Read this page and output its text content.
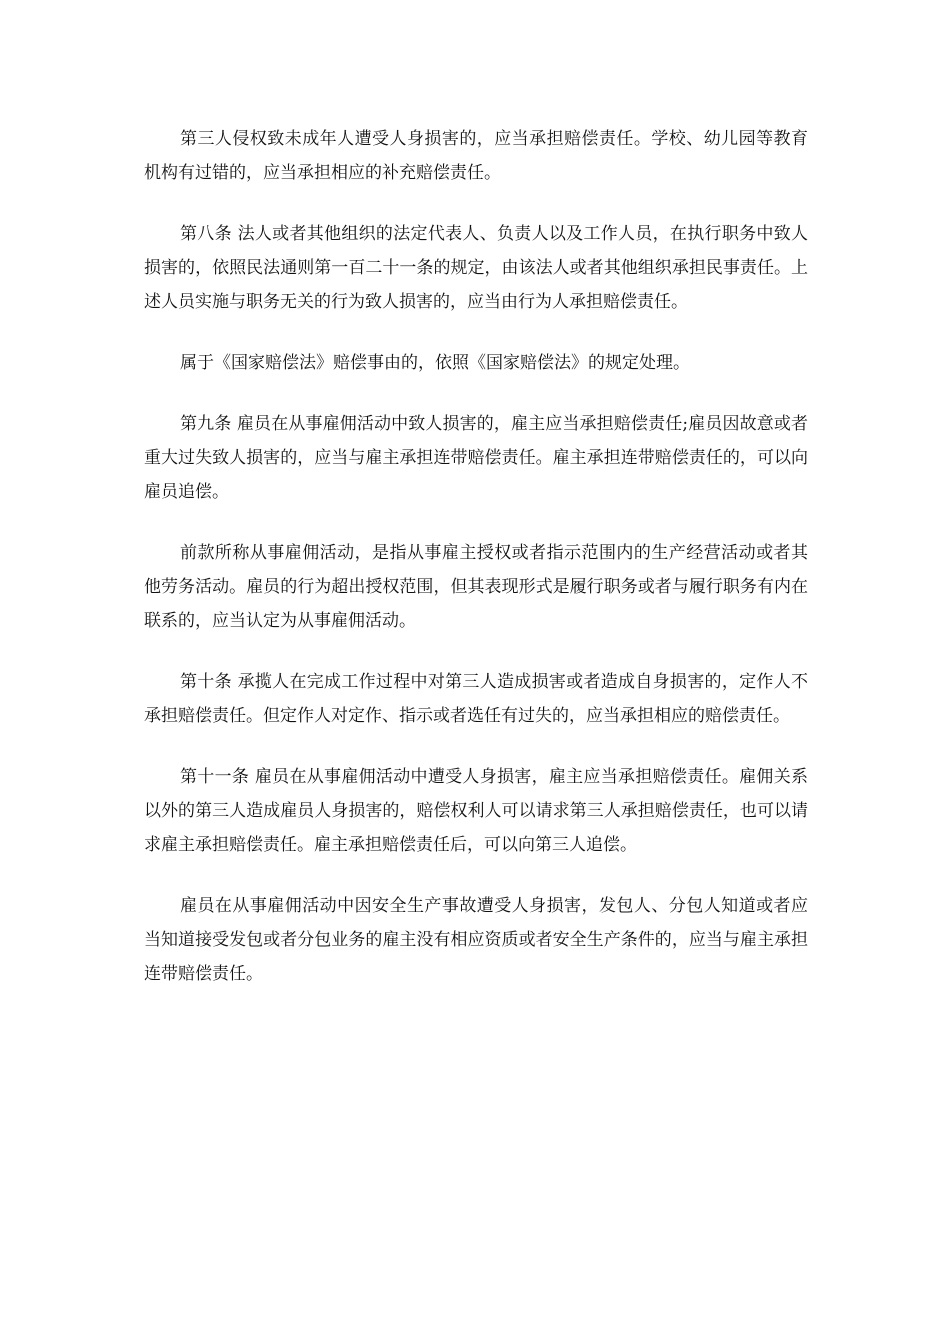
第三人侵权致未成年人遭受人身损害的，应当承担赔偿责任。学校、幼儿园等教育机构有过错的，应当承担相应的补充赔偿责任。

第八条 法人或者其他组织的法定代表人、负责人以及工作人员，在执行职务中致人损害的，依照民法通则第一百二十一条的规定，由该法人或者其他组织承担民事责任。上述人员实施与职务无关的行为致人损害的，应当由行为人承担赔偿责任。

属于《国家赔偿法》赔偿事由的，依照《国家赔偿法》的规定处理。

第九条 雇员在从事雇佣活动中致人损害的，雇主应当承担赔偿责任;雇员因故意或者重大过失致人损害的，应当与雇主承担连带赔偿责任。雇主承担连带赔偿责任的，可以向雇员追偿。

前款所称从事雇佣活动，是指从事雇主授权或者指示范围内的生产经营活动或者其他劳务活动。雇员的行为超出授权范围，但其表现形式是履行职务或者与履行职务有内在联系的，应当认定为从事雇佣活动。

第十条 承揽人在完成工作过程中对第三人造成损害或者造成自身损害的，定作人不承担赔偿责任。但定作人对定作、指示或者选任有过失的，应当承担相应的赔偿责任。

第十一条 雇员在从事雇佣活动中遭受人身损害，雇主应当承担赔偿责任。雇佣关系以外的第三人造成雇员人身损害的，赔偿权利人可以请求第三人承担赔偿责任，也可以请求雇主承担赔偿责任。雇主承担赔偿责任后，可以向第三人追偿。

雇员在从事雇佣活动中因安全生产事故遭受人身损害，发包人、分包人知道或者应当知道接受发包或者分包业务的雇主没有相应资质或者安全生产条件的，应当与雇主承担连带赔偿责任。
